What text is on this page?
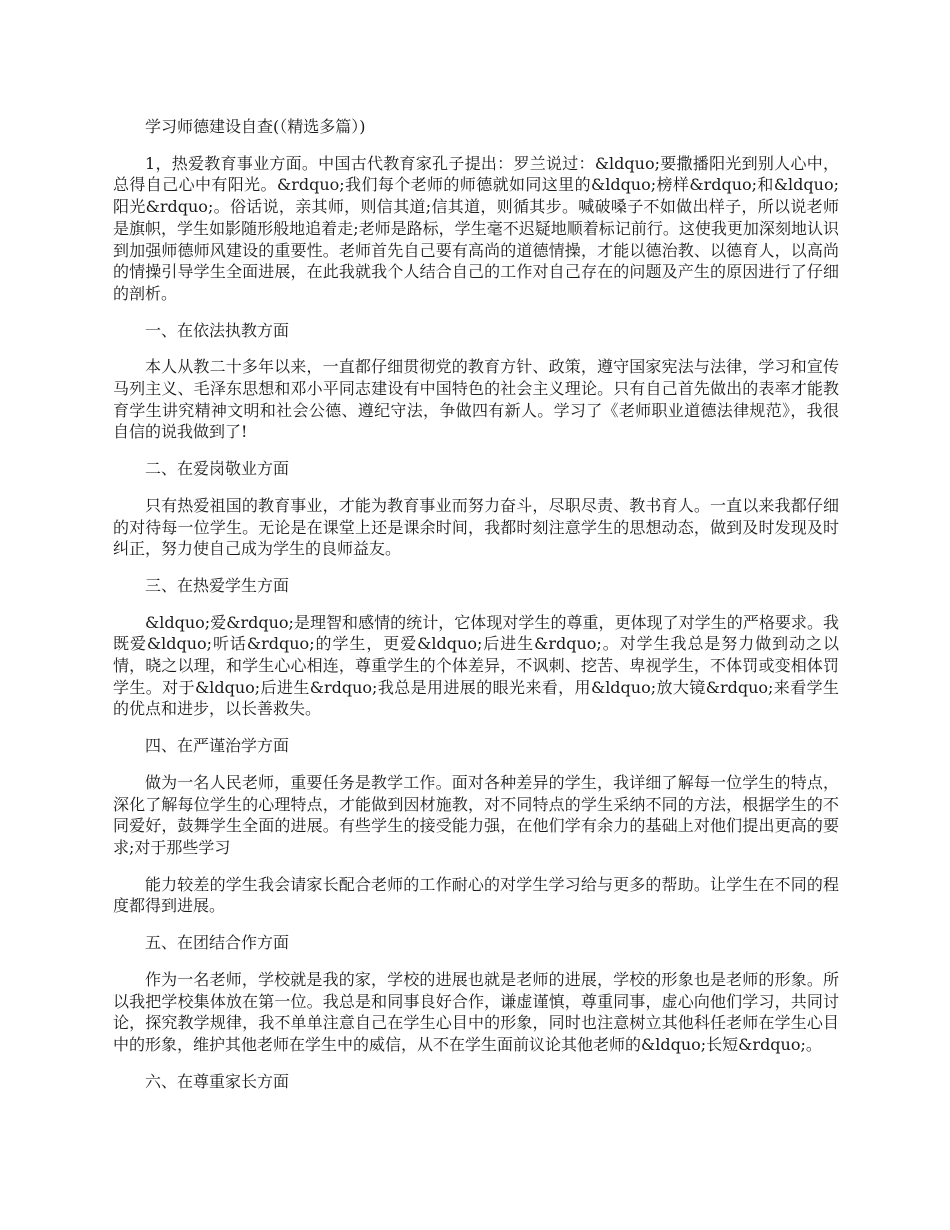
学习师德建设自查(（精选多篇）)
1，热爱教育事业方面。中国古代教育家孔子提出：罗兰说过：&ldquo;要撒播阳光到别人心中，总得自己心中有阳光。&rdquo;我们每个老师的师德就如同这里的&ldquo;榜样&rdquo;和&ldquo;阳光&rdquo;。俗话说，亲其师，则信其道;信其道，则循其步。喊破嗓子不如做出样子，所以说老师是旗帜，学生如影随形般地追着走;老师是路标，学生毫不迟疑地顺着标记前行。这使我更加深刻地认识到加强师德师风建设的重要性。老师首先自己要有高尚的道德情操，才能以德治教、以德育人，以高尚的情操引导学生全面进展，在此我就我个人结合自己的工作对自己存在的问题及产生的原因进行了仔细的剖析。
一、在依法执教方面
本人从教二十多年以来，一直都仔细贯彻党的教育方针、政策，遵守国家宪法与法律，学习和宣传马列主义、毛泽东思想和邓小平同志建设有中国特色的社会主义理论。只有自己首先做出的表率才能教育学生讲究精神文明和社会公德、遵纪守法，争做四有新人。学习了《老师职业道德法律规范》，我很自信的说我做到了!
二、在爱岗敬业方面
只有热爱祖国的教育事业，才能为教育事业而努力奋斗，尽职尽责、教书育人。一直以来我都仔细的对待每一位学生。无论是在课堂上还是课余时间，我都时刻注意学生的思想动态，做到及时发现及时纠正，努力使自己成为学生的良师益友。
三、在热爱学生方面
&ldquo;爱&rdquo;是理智和感情的统计，它体现对学生的尊重，更体现了对学生的严格要求。我既爱&ldquo;听话&rdquo;的学生，更爱&ldquo;后进生&rdquo;。对学生我总是努力做到动之以情，晓之以理，和学生心心相连，尊重学生的个体差异，不讽刺、挖苦、卑视学生，不体罚或变相体罚学生。对于&ldquo;后进生&rdquo;我总是用进展的眼光来看，用&ldquo;放大镜&rdquo;来看学生的优点和进步，以长善救失。
四、在严谨治学方面
做为一名人民老师，重要任务是教学工作。面对各种差异的学生，我详细了解每一位学生的特点，深化了解每位学生的心理特点，才能做到因材施教，对不同特点的学生采纳不同的方法，根据学生的不同爱好，鼓舞学生全面的进展。有些学生的接受能力强，在他们学有余力的基础上对他们提出更高的要求;对于那些学习
能力较差的学生我会请家长配合老师的工作耐心的对学生学习给与更多的帮助。让学生在不同的程度都得到进展。
五、在团结合作方面
作为一名老师，学校就是我的家，学校的进展也就是老师的进展，学校的形象也是老师的形象。所以我把学校集体放在第一位。我总是和同事良好合作，谦虚谨慎，尊重同事，虚心向他们学习，共同讨论，探究教学规律，我不单单注意自己在学生心目中的形象，同时也注意树立其他科任老师在学生心目中的形象，维护其他老师在学生中的威信，从不在学生面前议论其他老师的&ldquo;长短&rdquo;。
六、在尊重家长方面
